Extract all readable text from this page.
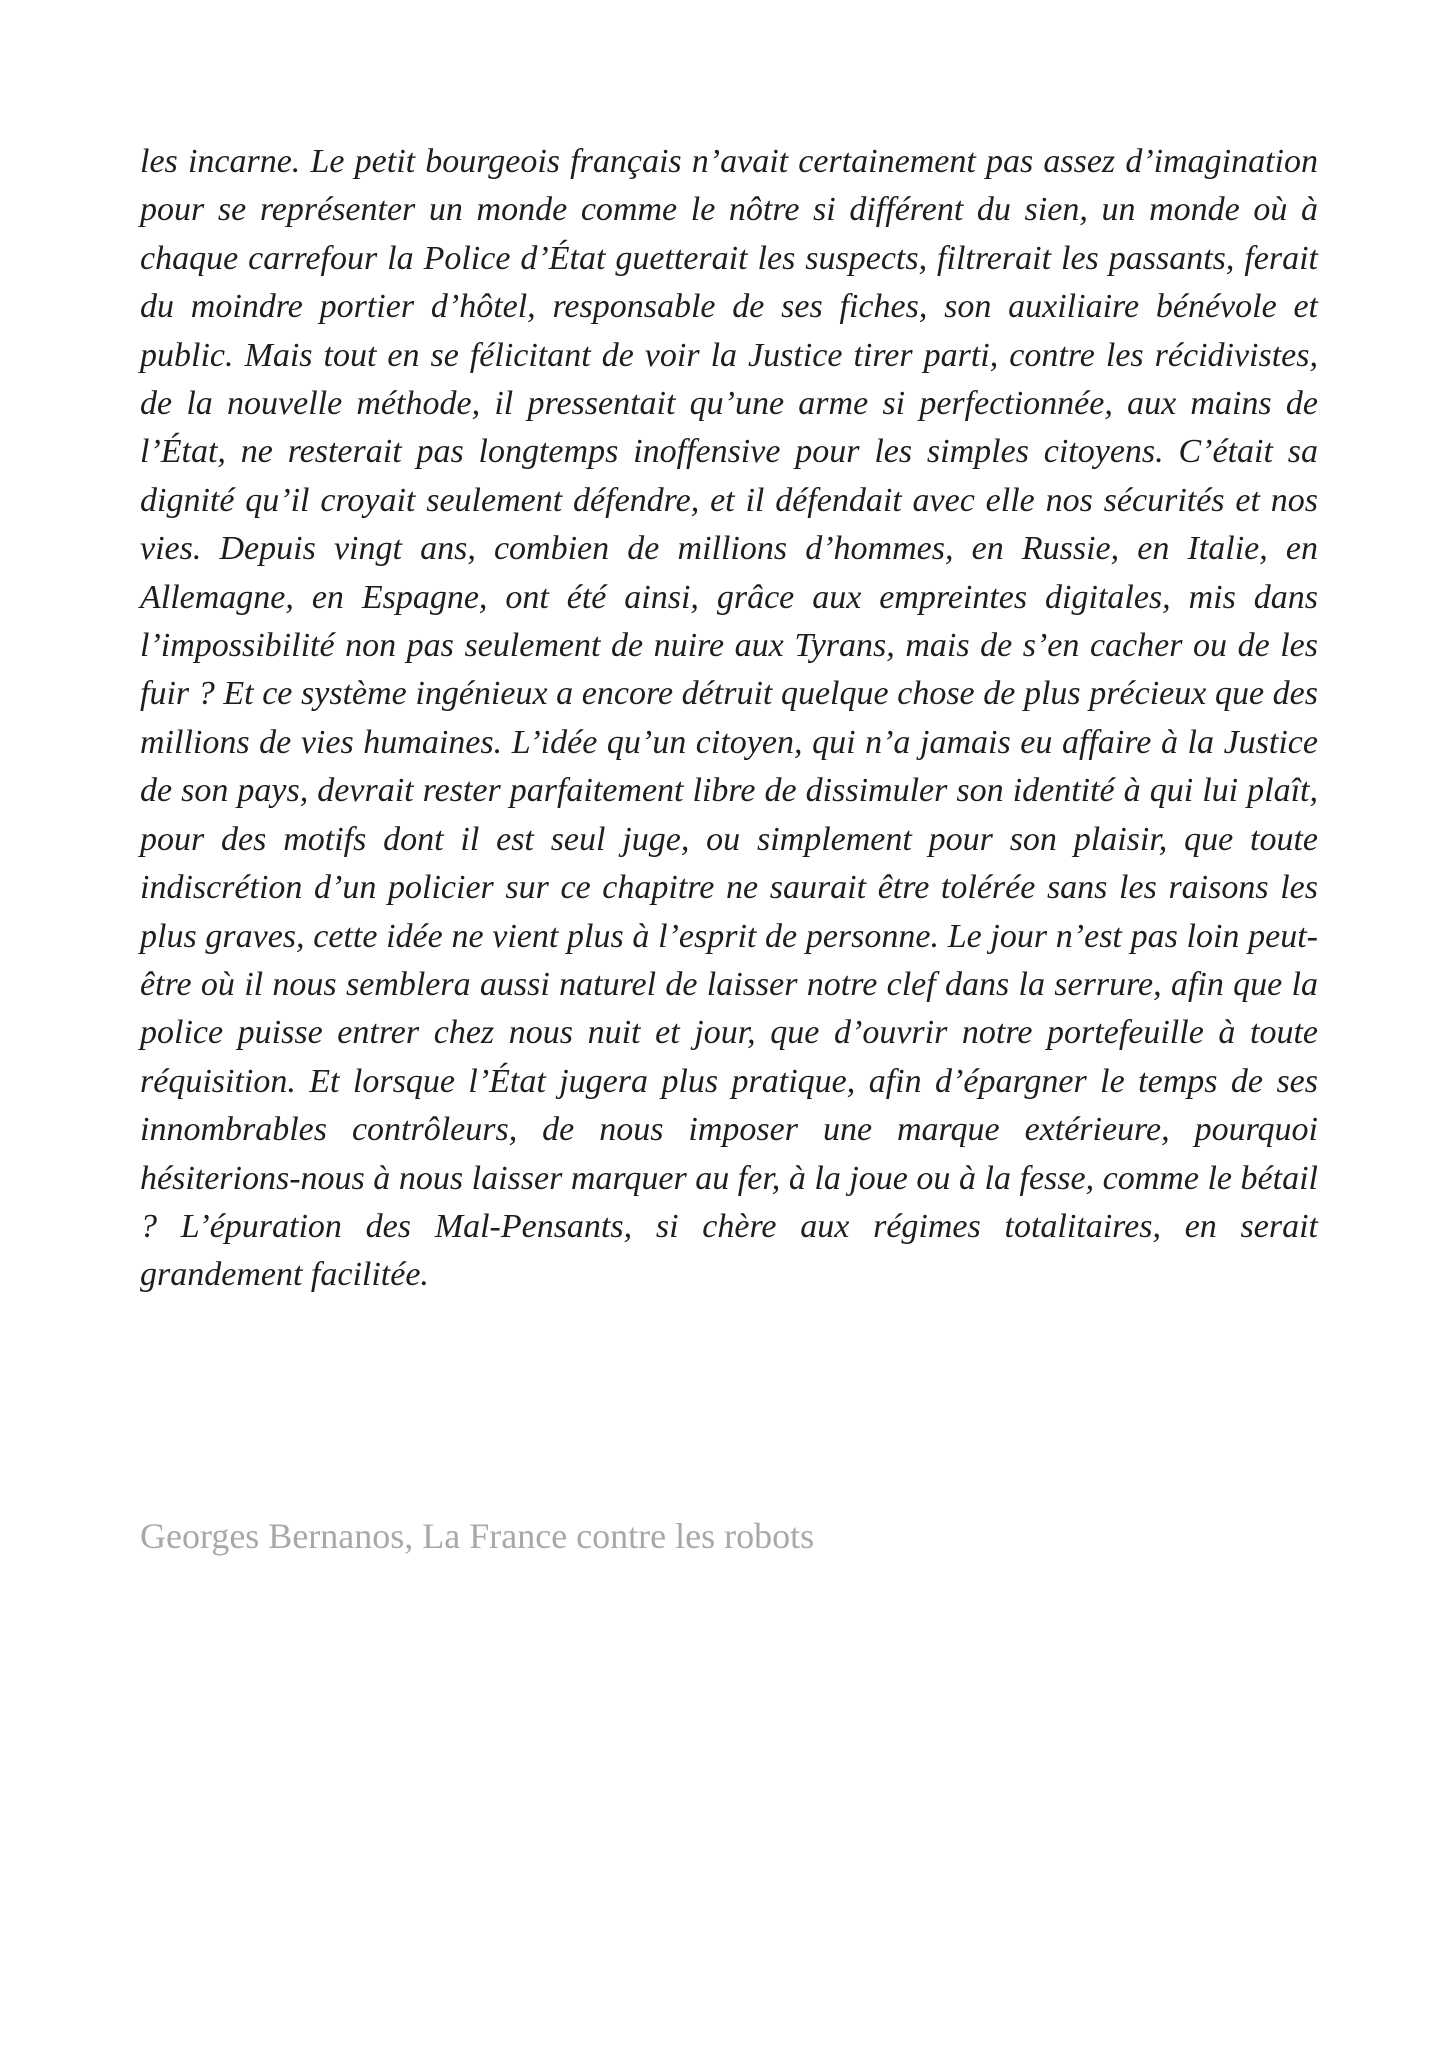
les incarne. Le petit bourgeois français n’avait certainement pas assez d’imagination pour se représenter un monde comme le nôtre si différent du sien, un monde où à chaque carrefour la Police d’État guetterait les suspects, filtrerait les passants, ferait du moindre portier d’hôtel, responsable de ses fiches, son auxiliaire bénévole et public. Mais tout en se félicitant de voir la Justice tirer parti, contre les récidivistes, de la nouvelle méthode, il pressentait qu’une arme si perfectionnée, aux mains de l’État, ne resterait pas longtemps inoffensive pour les simples citoyens. C’était sa dignité qu’il croyait seulement défendre, et il défendait avec elle nos sécurités et nos vies. Depuis vingt ans, combien de millions d’hommes, en Russie, en Italie, en Allemagne, en Espagne, ont été ainsi, grâce aux empreintes digitales, mis dans l’impossibilité non pas seulement de nuire aux Tyrans, mais de s’en cacher ou de les fuir ? Et ce système ingénieux a encore détruit quelque chose de plus précieux que des millions de vies humaines. L’idée qu’un citoyen, qui n’a jamais eu affaire à la Justice de son pays, devrait rester parfaitement libre de dissimuler son identité à qui lui plaît, pour des motifs dont il est seul juge, ou simplement pour son plaisir, que toute indiscrétion d’un policier sur ce chapitre ne saurait être tolérée sans les raisons les plus graves, cette idée ne vient plus à l’esprit de personne. Le jour n’est pas loin peut-être où il nous semblera aussi naturel de laisser notre clef dans la serrure, afin que la police puisse entrer chez nous nuit et jour, que d’ouvrir notre portefeuille à toute réquisition. Et lorsque l’État jugera plus pratique, afin d’épargner le temps de ses innombrables contrôleurs, de nous imposer une marque extérieure, pourquoi hésiterions-nous à nous laisser marquer au fer, à la joue ou à la fesse, comme le bétail ? L’épuration des Mal-Pensants, si chère aux régimes totalitaires, en serait grandement facilitée.

Georges Bernanos, La France contre les robots
